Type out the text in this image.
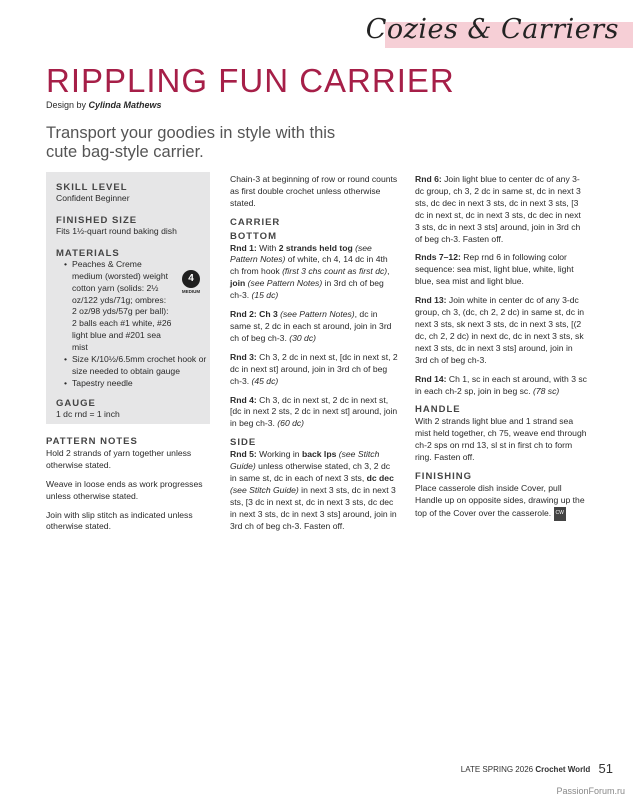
Cozies & Carriers
RIPPLING FUN CARRIER
Design by Cylinda Mathews
Transport your goodies in style with this cute bag-style carrier.
SKILL LEVEL

Confident Beginner

FINISHED SIZE

Fits 1½-quart round baking dish

MATERIALS
• Peaches & Creme medium (worsted) weight cotton yarn (solids: 2½ oz/122 yds/71g; ombres: 2 oz/98 yds/57g per ball): 2 balls each #1 white, #26 light blue and #201 sea mist
• Size K/10½/6.5mm crochet hook or size needed to obtain gauge
• Tapestry needle
GAUGE

1 dc rnd = 1 inch

4
MEDIUM
PATTERN NOTES

Hold 2 strands of yarn together unless otherwise stated.

Weave in loose ends as work progresses unless otherwise stated.

Join with slip stitch as indicated unless otherwise stated.

Chain-3 at beginning of row or round counts as first double crochet unless otherwise stated.

CARRIER
BOTTOM

Rnd 1: With 2 strands held tog (see Pattern Notes) of white, ch 4, 14 dc in 4th ch from hook (first 3 chs count as first dc), join (see Pattern Notes) in 3rd ch of beg ch-3. (15 dc)

Rnd 2: Ch 3 (see Pattern Notes), dc in same st, 2 dc in each st around, join in 3rd ch of beg ch-3. (30 dc)

Rnd 3: Ch 3, 2 dc in next st, [dc in next st, 2 dc in next st] around, join in 3rd ch of beg ch-3. (45 dc)

Rnd 4: Ch 3, dc in next st, 2 dc in next st, [dc in next 2 sts, 2 dc in next st] around, join in beg ch-3. (60 dc)

SIDE

Rnd 5: Working in back lps (see Stitch Guide) unless otherwise stated, ch 3, 2 dc in same st, dc in each of next 3 sts, dc dec (see Stitch Guide) in next 3 sts, dc in next 3 sts, [3 dc in next st, dc in next 3 sts, dc dec in next 3 sts, dc in next 3 sts] around, join in 3rd ch of beg ch-3. Fasten off.

Rnd 6: Join light blue to center dc of any 3-dc group, ch 3, 2 dc in same st, dc in next 3 sts, dc dec in next 3 sts, dc in next 3 sts, [3 dc in next st, dc in next 3 sts, dc dec in next 3 sts, dc in next 3 sts] around, join in 3rd ch of beg ch-3. Fasten off.

Rnds 7–12: Rep rnd 6 in following color sequence: sea mist, light blue, white, light blue, sea mist and light blue.

Rnd 13: Join white in center dc of any 3-dc group, ch 3, (dc, ch 2, 2 dc) in same st, dc in next 3 sts, sk next 3 sts, dc in next 3 sts, [(2 dc, ch 2, 2 dc) in next dc, dc in next 3 sts, sk next 3 sts, dc in next 3 sts] around, join in 3rd ch of beg ch-3.

Rnd 14: Ch 1, sc in each st around, with 3 sc in each ch-2 sp, join in beg sc. (78 sc)

HANDLE

With 2 strands light blue and 1 strand sea mist held together, ch 75, weave end through ch-2 sps on rnd 13, sl st in first ch to form ring. Fasten off.

FINISHING

Place casserole dish inside Cover, pull Handle up on opposite sides, drawing up the top of the Cover over the casserole. CW

LATE SPRING 2026 Crochet World 51
PassionForum.ru
